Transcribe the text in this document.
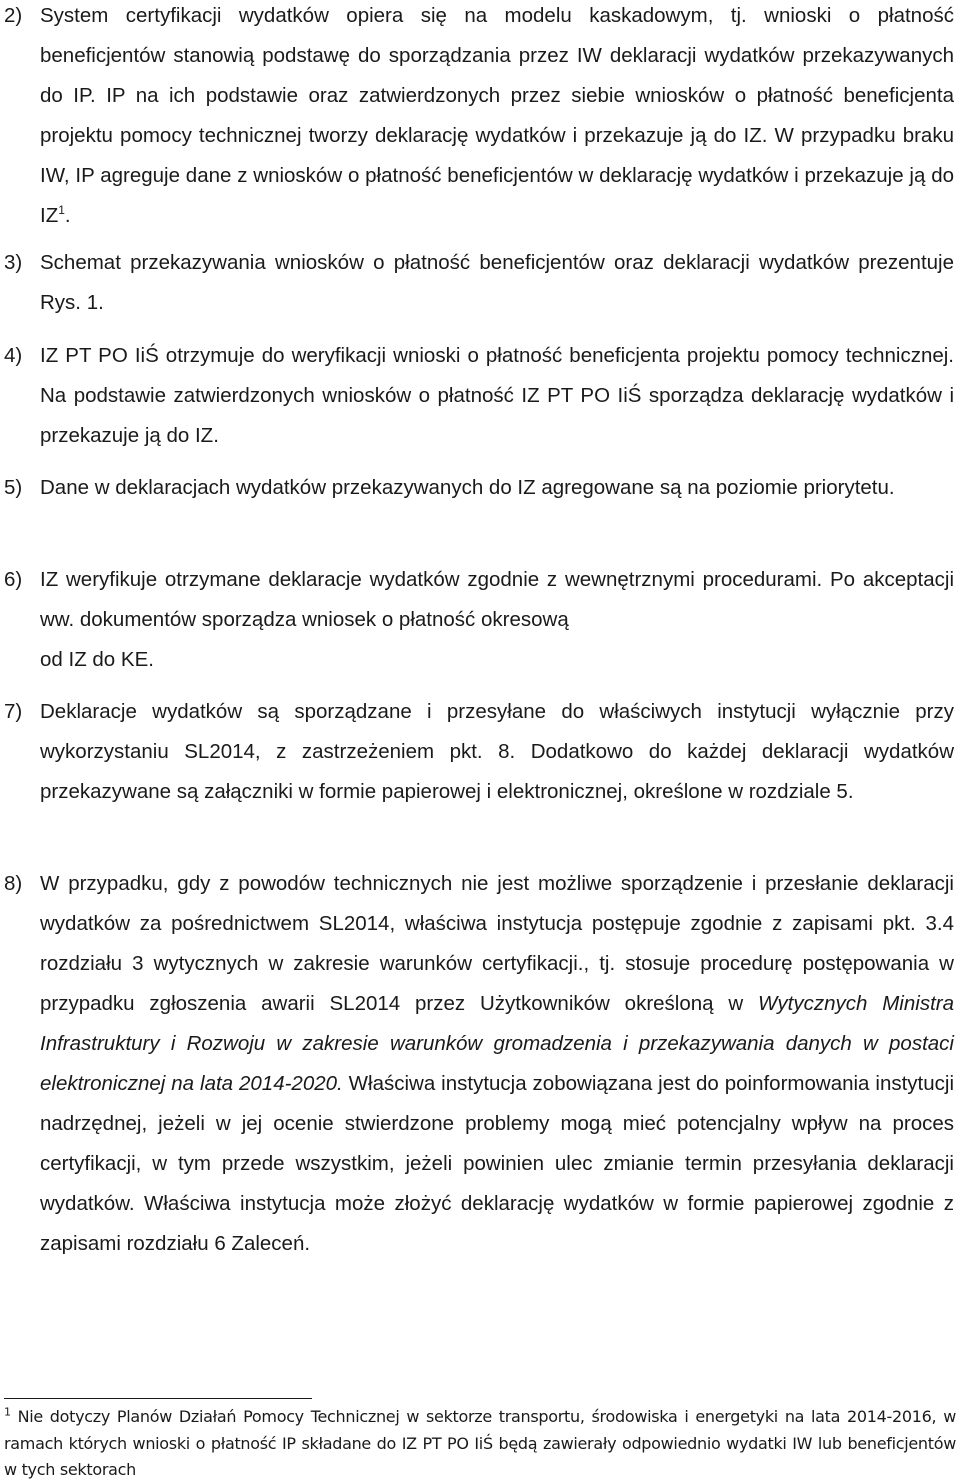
2) System certyfikacji wydatków opiera się na modelu kaskadowym, tj. wnioski o płatność beneficjentów stanowią podstawę do sporządzania przez IW deklaracji wydatków przekazywanych do IP. IP na ich podstawie oraz zatwierdzonych przez siebie wniosków o płatność beneficjenta projektu pomocy technicznej tworzy deklarację wydatków i przekazuje ją do IZ. W przypadku braku IW, IP agreguje dane z wniosków o płatność beneficjentów w deklarację wydatków i przekazuje ją do $IZ^1$.
3) Schemat przekazywania wniosków o płatność beneficjentów oraz deklaracji wydatków prezentuje Rys. 1.
4) IZ PT PO IiŚ otrzymuje do weryfikacji wnioski o płatność beneficjenta projektu pomocy technicznej. Na podstawie zatwierdzonych wniosków o płatność IZ PT PO IiŚ sporządza deklarację wydatków i przekazuje ją do IZ.
5) Dane w deklaracjach wydatków przekazywanych do IZ agregowane są na poziomie priorytetu.
6) IZ weryfikuje otrzymane deklaracje wydatków zgodnie z wewnętrznymi procedurami. Po akceptacji ww. dokumentów sporządza wniosek o płatność okresową
od IZ do KE.
7) Deklaracje wydatków są sporządzane i przesyłane do właściwych instytucji wyłącznie przy wykorzystaniu SL2014, z zastrzeżeniem pkt. 8. Dodatkowo do każdej deklaracji wydatków przekazywane są załączniki w formie papierowej i elektronicznej, określone w rozdziale 5.
8) W przypadku, gdy z powodów technicznych nie jest możliwe sporządzenie i przesłanie deklaracji wydatków za pośrednictwem SL2014, właściwa instytucja postępuje zgodnie z zapisami pkt. 3.4 rozdziału 3 wytycznych w zakresie warunków certyfikacji., tj. stosuje procedurę postępowania w przypadku zgłoszenia awarii SL2014 przez Użytkowników określoną w Wytycznych Ministra Infrastruktury i Rozwoju w zakresie warunków gromadzenia i przekazywania danych w postaci elektronicznej na lata 2014-2020. Właściwa instytucja zobowiązana jest do poinformowania instytucji nadrzędnej, jeżeli w jej ocenie stwierdzone problemy mogą mieć potencjalny wpływ na proces certyfikacji, w tym przede wszystkim, jeżeli powinien ulec zmianie termin przesyłania deklaracji wydatków. Właściwa instytucja może złożyć deklarację wydatków w formie papierowej zgodnie z zapisami rozdziału 6 Zaleceń.
$^1$ Nie dotyczy Planów Działań Pomocy Technicznej w sektorze transportu, środowiska i energetyki na lata 2014-2016, w ramach których wnioski o płatność IP składane do IZ PT PO IiŚ będą zawierały odpowiednio wydatki IW lub beneficjentów w tych sektorach
